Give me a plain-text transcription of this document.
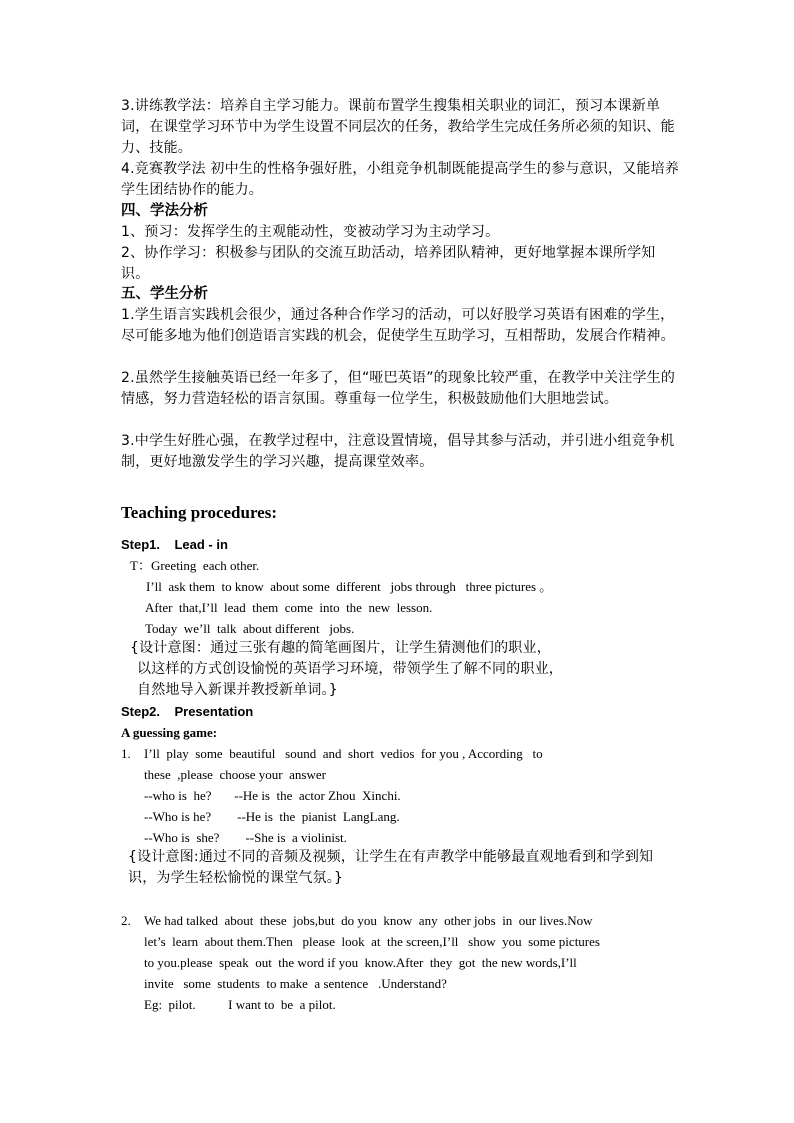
3.讲练教学法：培养自主学习能力。课前布置学生搜集相关职业的词汇，预习本课新单词，在课堂学习环节中为学生设置不同层次的任务，教给学生完成任务所必须的知识、能力、技能。

4.竞赛教学法 初中生的性格争强好胜，小组竞争机制既能提高学生的参与意识，又能培养学生团结协作的能力。

四、学法分析

1、预习：发挥学生的主观能动性，变被动学习为主动学习。

2、协作学习：积极参与团队的交流互助活动，培养团队精神，更好地掌握本课所学知识。

五、学生分析

1.学生语言实践机会很少，通过各种合作学习的活动，可以好股学习英语有困难的学生，尽可能多地为他们创造语言实践的机会，促使学生互助学习，互相帮助，发展合作精神。

2.虽然学生接触英语已经一年多了，但“哑巴英语”的现象比较严重，在教学中关注学生的情感，努力营造轻松的语言氛围。尊重每一位学生，积极鼓励他们大胆地尝试。

3.中学生好胜心强，在教学过程中，注意设置情境，倡导其参与活动，并引进小组竞争机制，更好地激发学生的学习兴趣，提高课堂效率。

Teaching procedures:

Step1.    Lead - in

T：Greeting  each other.

I’ll  ask them  to know  about some  different   jobs through   three pictures 。

After  that,I’ll  lead  them  come  into  the  new  lesson.

Today  we’ll  talk  about different   jobs.

{设计意图：通过三张有趣的简笔画图片，让学生猜测他们的职业，

以这样的方式创设愉悦的英语学习环境，带领学生了解不同的职业，

自然地导入新课并教授新单词。}

Step2.    Presentation

A guessing game:

1. I’ll  play  some  beautiful   sound  and  short  vedios  for you , According   to

these  ,please  choose your  answer

--who is  he?       --He is  the  actor Zhou  Xinchi.

--Who is he?        --He is  the  pianist  LangLang.

--Who is  she?        --She is  a violinist.

{设计意图:通过不同的音频及视频，让学生在有声教学中能够最直观地看到和学到知识，为学生轻松愉悦的课堂气氛。}

2. We had talked  about  these  jobs,but  do you  know  any  other jobs  in  our lives.Now

let’s  learn  about them.Then   please  look  at  the screen,I’ll   show  you  some pictures

to you.please  speak  out  the word if you  know.After  they  got  the new words,I’ll

invite   some  students  to make  a sentence   .Understand?

Eg:  pilot.          I want to  be  a pilot.
